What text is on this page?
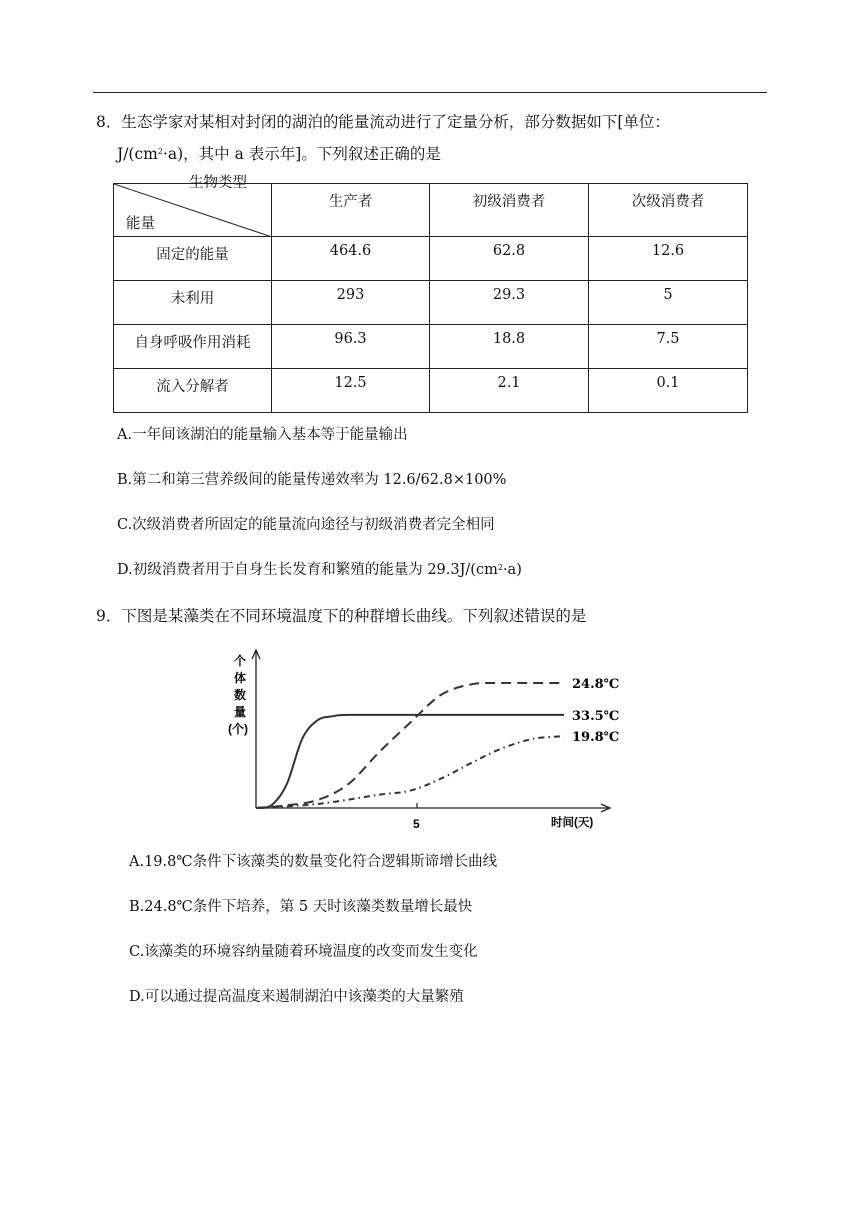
8．生态学家对某相对封闭的湖泊的能量流动进行了定量分析，部分数据如下[单位：
$J/(cm^2\cdot a)$，其中 a 表示年]。下列叙述正确的是
生物类型
能量	生产者	初级消费者	次级消费者
固定的能量	464.6	62.8	12.6
未利用	293	29.3	5
自身呼吸作用消耗	96.3	18.8	7.5
流入分解者	12.5	2.1	0.1
A.一年间该湖泊的能量输入基本等于能量输出
B.第二和第三营养级间的能量传递效率为 12.6/62.8×100%
C.次级消费者所固定的能量流向途径与初级消费者完全相同
D.初级消费者用于自身生长发育和繁殖的能量为 $29.3J/(cm^2\cdot a)$
9．下图是某藻类在不同环境温度下的种群增长曲线。下列叙述错误的是
5	时间(天)
个
体
数
量
(个)
24.8℃
33.5℃
19.8℃
A.19.8℃条件下该藻类的数量变化符合逻辑斯谛增长曲线
B.24.8℃条件下培养，第 5 天时该藻类数量增长最快
C.该藻类的环境容纳量随着环境温度的改变而发生变化
D.可以通过提高温度来遏制湖泊中该藻类的大量繁殖
